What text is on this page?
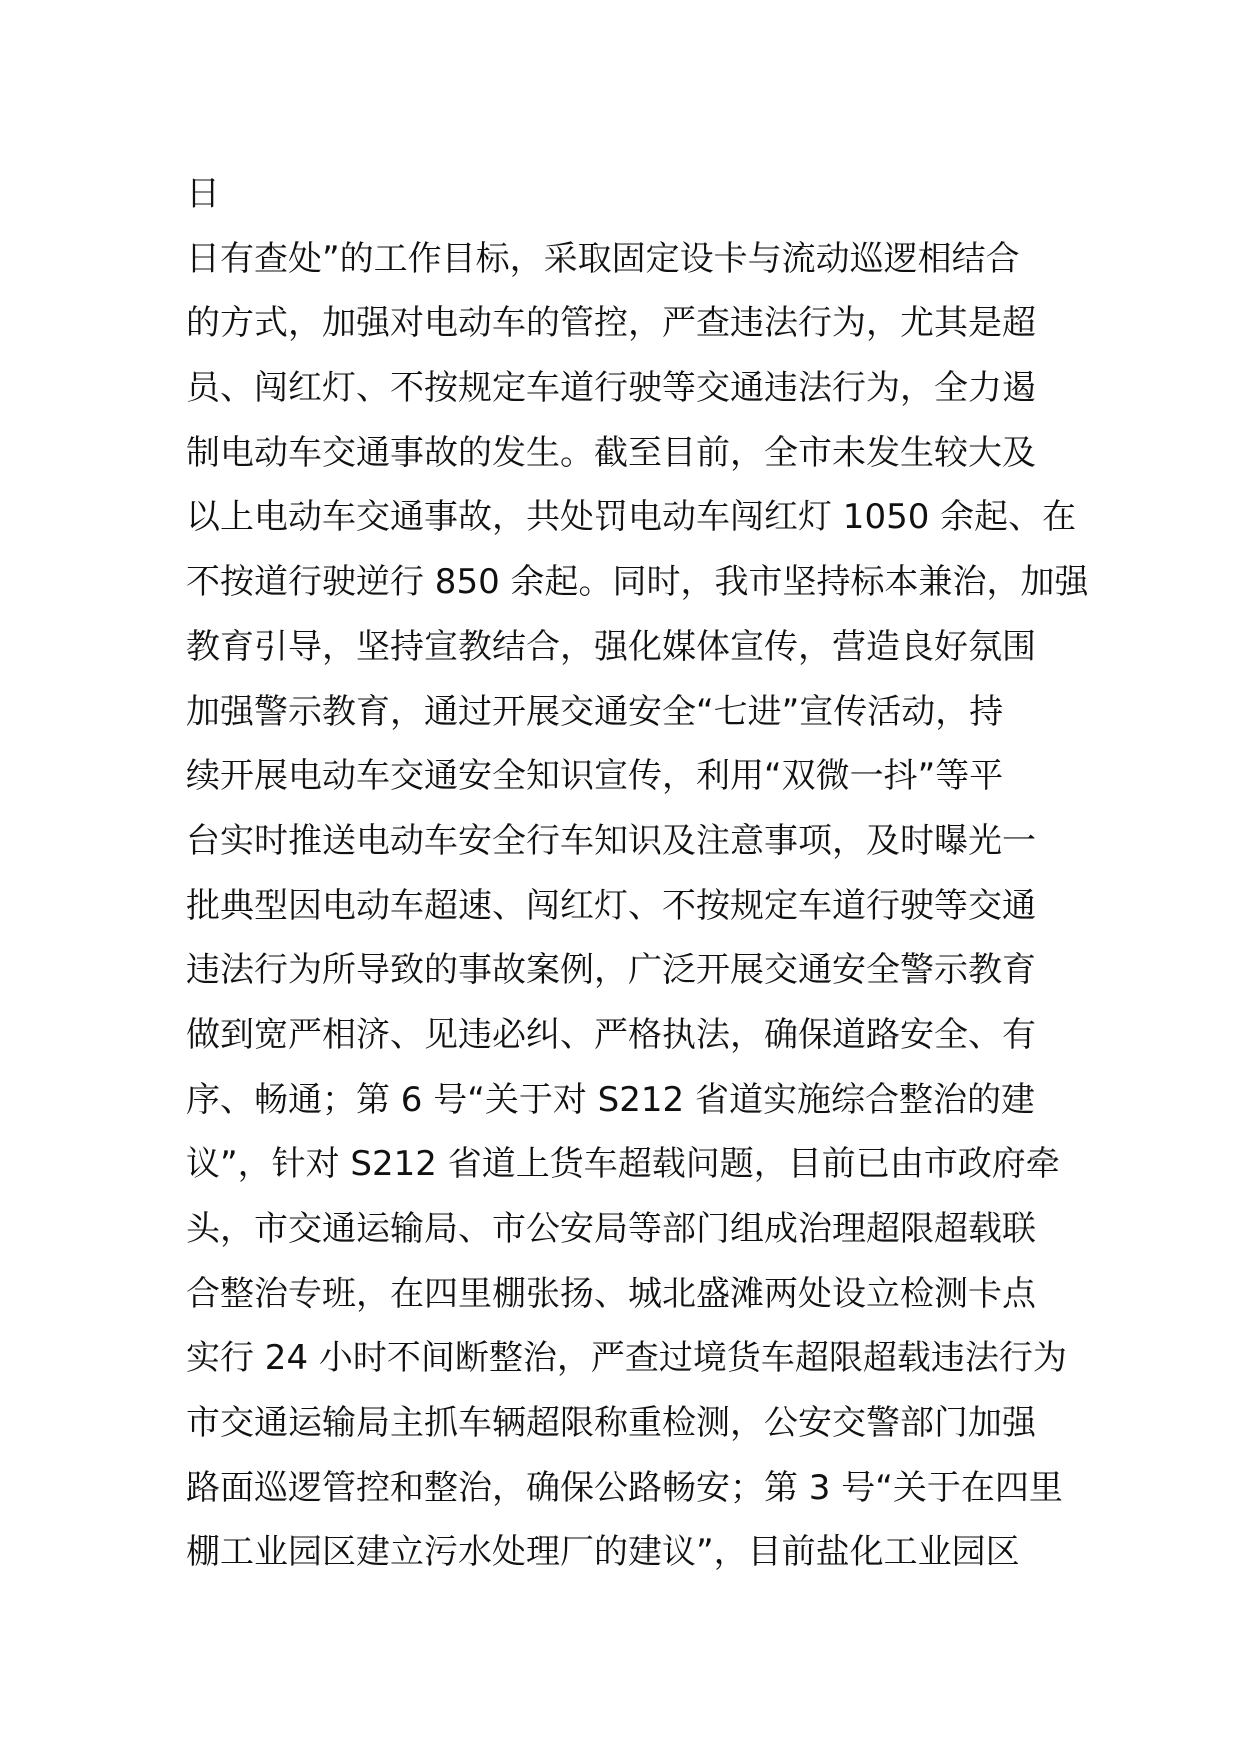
日
日有查处”的工作目标，采取固定设卡与流动巡逻相结合
的方式，加强对电动车的管控，严查违法行为，尤其是超
员、闯红灯、不按规定车道行驶等交通违法行为，全力遏
制电动车交通事故的发生。截至目前，全市未发生较大及
以上电动车交通事故，共处罚电动车闯红灯 1050 余起、在
不按道行驶逆行 850 余起。同时，我市坚持标本兼治，加强
教育引导，坚持宣教结合，强化媒体宣传，营造良好氛围
加强警示教育，通过开展交通安全“七进”宣传活动，持
续开展电动车交通安全知识宣传，利用“双微一抖”等平
台实时推送电动车安全行车知识及注意事项，及时曝光一
批典型因电动车超速、闯红灯、不按规定车道行驶等交通
违法行为所导致的事故案例，广泛开展交通安全警示教育
做到宽严相济、见违必纠、严格执法，确保道路安全、有
序、畅通；第 6 号“关于对 S212 省道实施综合整治的建
议”，针对 S212 省道上货车超载问题，目前已由市政府牵
头，市交通运输局、市公安局等部门组成治理超限超载联
合整治专班，在四里棚张扬、城北盛滩两处设立检测卡点
实行 24 小时不间断整治，严查过境货车超限超载违法行为
市交通运输局主抓车辆超限称重检测，公安交警部门加强
路面巡逻管控和整治，确保公路畅安；第 3 号“关于在四里
棚工业园区建立污水处理厂的建议”，目前盐化工业园区
